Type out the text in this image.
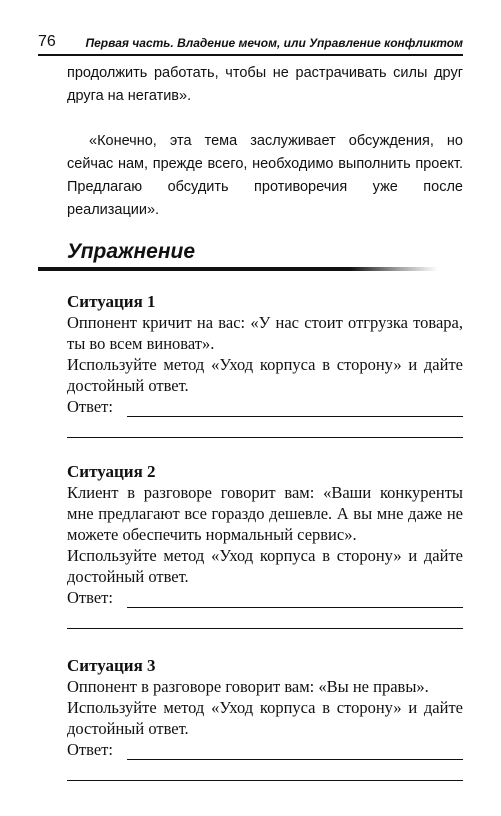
76 Первая часть. Владение мечом, или Управление конфликтом

продолжить работать, чтобы не растрачивать силы друг друга на негатив».

«Конечно, эта тема заслуживает обсуждения, но сейчас нам, прежде всего, необходимо выполнить проект. Предлагаю обсудить противоречия уже после реализации».

Упражнение

Ситуация 1

Оппонент кричит на вас: «У нас стоит отгрузка товара, ты во всем виноват».

Используйте метод «Уход корпуса в сторону» и дайте достойный ответ.

Ответ:

Ситуация 2

Клиент в разговоре говорит вам: «Ваши конкуренты мне предлагают все гораздо дешевле. А вы мне даже не можете обеспечить нормальный сервис».

Используйте метод «Уход корпуса в сторону» и дайте достойный ответ.

Ответ:

Ситуация 3

Оппонент в разговоре говорит вам: «Вы не правы».

Используйте метод «Уход корпуса в сторону» и дайте достойный ответ.

Ответ:
